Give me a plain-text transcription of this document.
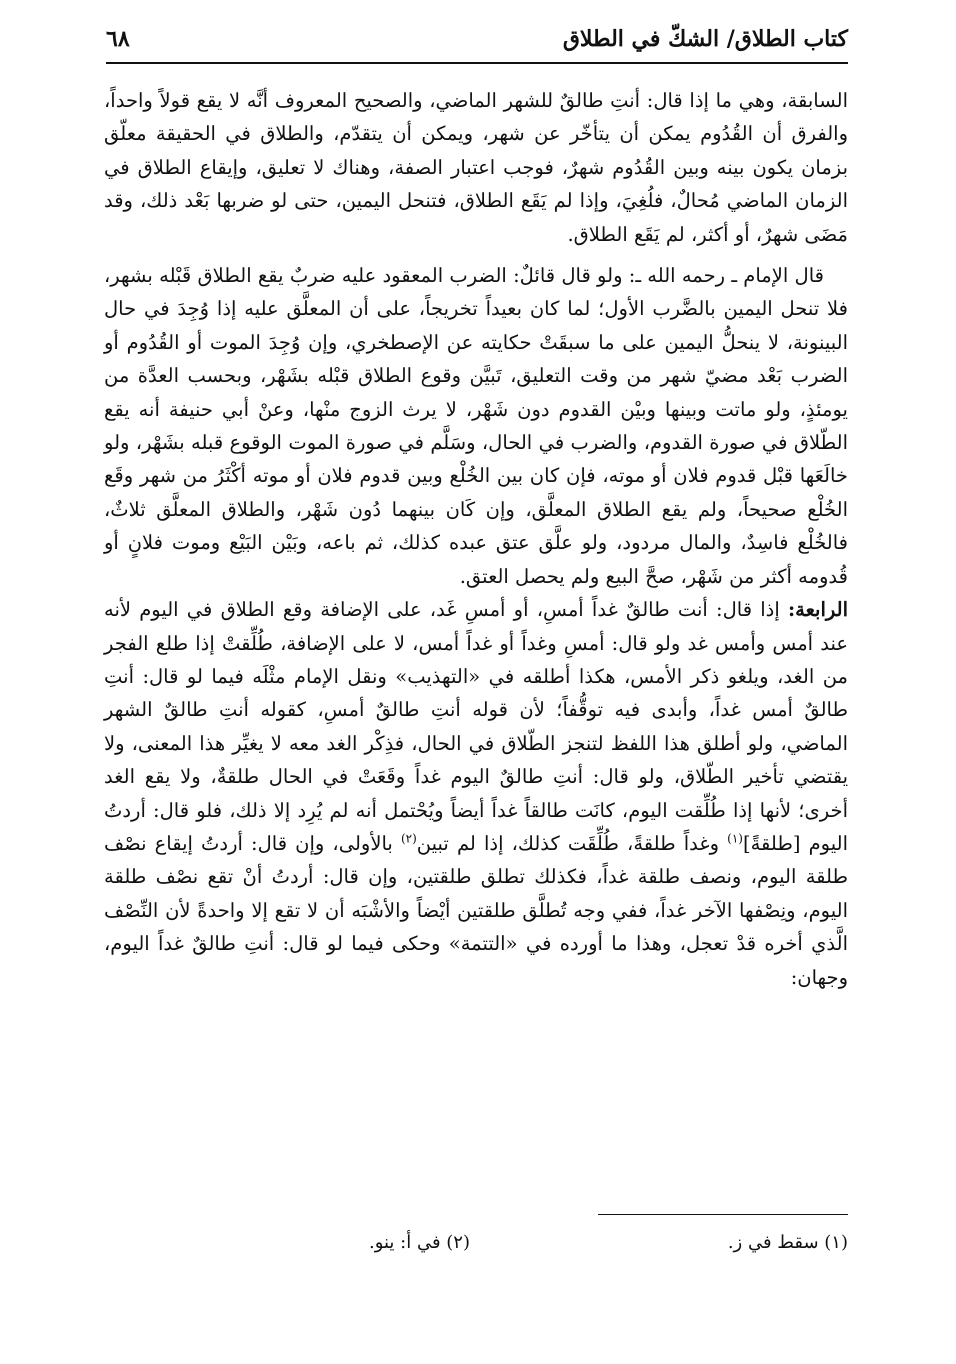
كتاب الطلاق/ الشكّ في الطلاق
٦٨

السابقة، وهي ما إذا قال: أنتِ طالقٌ للشهر الماضي، والصحيح المعروف أنَّه لا يقع قولاً واحداً، والفرق أن القُدُوم يمكن أن يتأخّر عن شهر، ويمكن أن يتقدّم، والطلاق في الحقيقة معلّق بزمان يكون بينه وبين القُدُوم شهرٌ، فوجب اعتبار الصفة، وهناك لا تعليق، وإيقاع الطلاق في الزمان الماضي مُحالٌ، فلُغِيَ، وإذا لم يَقَع الطلاق، فتنحل اليمين، حتى لو ضربها بَعْد ذلك، وقد مَضَى شهرٌ، أو أكثر، لم يَقَع الطلاق.

قال الإمام ـ رحمه الله ـ: ولو قال قائلٌ: الضرب المعقود عليه ضربٌ يقع الطلاق قَبْله بشهر، فلا تنحل اليمين بالضَّرب الأول؛ لما كان بعيداً تخريجاً، على أن المعلَّق عليه إذا وُجِدَ في حال البينونة، لا ينحلُّ اليمين على ما سبقَتْ حكايته عن الإصطخري، وإن وُجِدَ الموت أو القُدُوم أو الضرب بَعْد مضيّ شهر من وقت التعليق، تَبيَّن وقوع الطلاق قبْله بشَهْر، وبحسب العدَّة من يومئذٍ، ولو ماتت وبينها وبيْن القدوم دون شَهْر، لا يرث الزوج منْها، وعنْ أبي حنيفة أنه يقع الطّلاق في صورة القدوم، والضرب في الحال، وسَلَّم في صورة الموت الوقوع قبله بشَهْر، ولو خالَعَها قبْل قدوم فلان أو موته، فإن كان بين الخُلْع وبين قدوم فلان أو موته أكْثَرُ من شهر وقَع الخُلْع صحيحاً، ولم يقع الطلاق المعلَّق، وإن كَان بينهما دُون شَهْر، والطلاق المعلَّق ثلاثٌ، فالخُلْع فاسِدٌ، والمال مردود، ولو علَّق عتق عبده كذلك، ثم باعه، وبَيْن البَيْع وموت فلانٍ أو قُدومه أكثر من شَهْر، صحَّ البيع ولم يحصل العتق.

الرابعة: إذا قال: أنت طالقٌ غداً أمسِ، أو أمسِ غَد، على الإضافة وقع الطلاق في اليوم لأنه عند أمس وأمس غد ولو قال: أمسِ وغداً أو غداً أمس، لا على الإضافة، طُلِّقتْ إذا طلع الفجر من الغد، ويلغو ذكر الأمس، هكذا أطلقه في «التهذيب» ونقل الإمام مثْلَه فيما لو قال: أنتِ طالقٌ أمس غداً، وأبدى فيه توقُّفاً؛ لأن قوله أنتِ طالقٌ أمسِ، كقوله أنتِ طالقٌ الشهر الماضي، ولو أطلق هذا اللفظ لتنجز الطّلاق في الحال، فذِكْر الغد معه لا يغيِّر هذا المعنى، ولا يقتضي تأخير الطّلاق، ولو قال: أنتِ طالقٌ اليوم غداً وقَعَتْ في الحال طلقةٌ، ولا يقع الغد أخرى؛ لأنها إذا طُلِّقت اليوم، كانَت طالقاً غداً أيضاً ويُحْتمل أنه لم يُرِد إلا ذلك، فلو قال: أردتُ اليوم [طلقةً]$^{(١)}$ وغداً طلقةً، طُلِّقَت كذلك، إذا لم تبين$^{(٢)}$ بالأولى، وإن قال: أردتُ إيقاع نصْف طلقة اليوم، ونصف طلقة غداً، فكذلك تطلق طلقتين، وإن قال: أردتُ أنْ تقع نصْف طلقة اليوم، ونِصْفها الآخر غداً، ففي وجه تُطلَّق طلقتين أيْضاً والأشْبَه أن لا تقع إلا واحدةً لأن النِّصْف الَّذي أخره قدْ تعجل، وهذا ما أورده في «التتمة» وحكى فيما لو قال: أنتِ طالقٌ غداً اليوم، وجهان:

(١) سقط في ز.
(٢) في أ: ينو.
